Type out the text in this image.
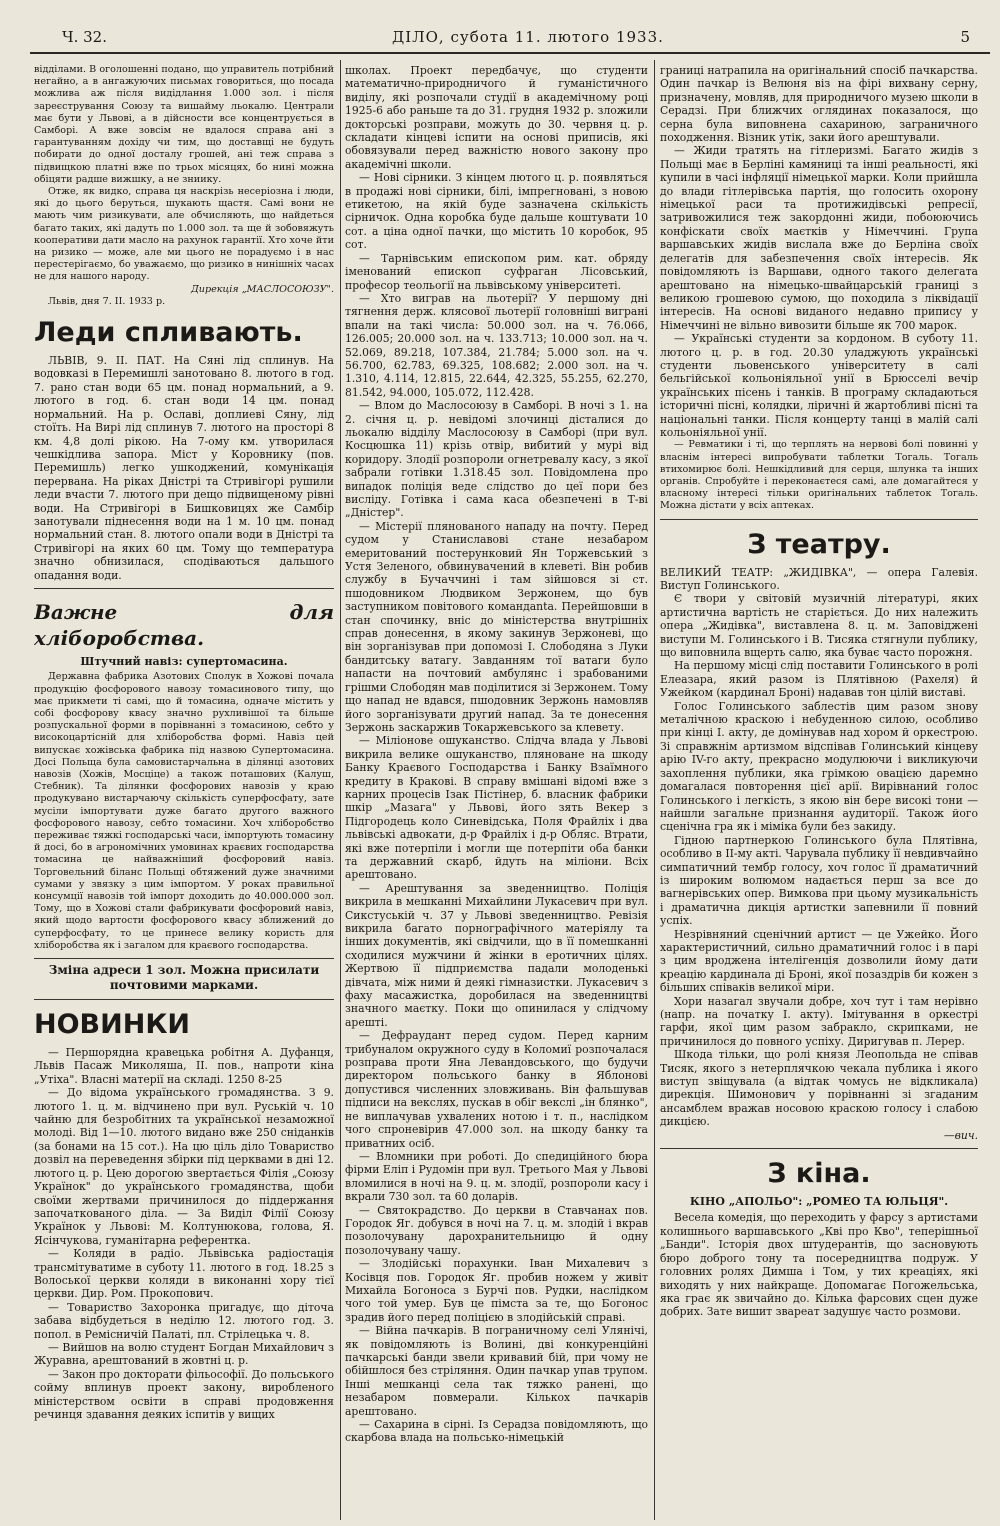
Ч. 32.	ДІЛО, субота 11. лютого 1933.	5

відділами. В оголошенні подано, що управитель потрібний негайно, а в ангажуючих письмах говориться, що посада можлива аж після видідлання 1.000 зол. і після зареєстрування Союзу та вишайму льокалю. Централи має бути у Львові, а в дійсности все концентрується в Самборі. А вже зовсім не вдалося справа ані з гарантуванням дохіду чи тим, що доставщі не будуть побирати до одної досталу грошей, ані теж справа з підвищкою платні вже по трьох місяцях, бо нині можна обіцяти радше вижшку, а не зниику.

Отже, як видко, справа ця наскрізь несеріозна і люди, які до цього беруться, шукають щастя. Самі вони не мають чим ризикувати, але обчисляють, що найдеться багато таких, які дадуть по 1.000 зол. та ще й зобовяжуть кооперативи дати масло на рахунок гарантії. Хто хоче йти на ризико — може, але ми цього не порадуємо і в нас перестерігаємо, бо уважаємо, що ризико в нинішніх часах не для нашого народу.

Дирекція „МАСЛОСОЮЗУ".

Львів, дня 7. ІІ. 1933 р.

Леди спливають.

ЛЬВІВ, 9. ІІ. ПАТ. На Сяні лід сплинув. На водовказі в Перемишлі занотовано 8. лютого в год. 7. рано стан води 65 цм. понад нормальний, а 9. лютого в год. 6. стан води 14 цм. понад нормальний. На р. Ославі, доплиеві Сяну, лід стоїть. На Вирі лід сплинув 7. лютого на просторі 8 км. 4,8 долі рікою. На 7-ому км. утворилася чешкідлива запора. Міст у Коровнику (пов. Перемишль) легко ушкоджений, комунікація перервана. На ріках Дністрі та Стривігорі рушили леди вчасти 7. лютого при дещо підвищеному рівні води. На Стривігорі в Бишковицях же Самбір занотували піднесення води на 1 м. 10 цм. понад нормальний стан. 8. лютого опали води в Дністрі та Стривігорі на яких 60 цм. Тому що температура значно обнизилася, сподіваються дальшого опадання води.

Важне для хліборобства.
Штучний навіз: супертомасина.

Державна фабрика Азотових Сполук в Хожові почала продукцію фосфорового навозу томасинового типу, що має прикмети ті самі, що й томасина, одначе містить у собі фосфорову квасу значно рухливішої та більше розпускальної форми в порівнанні з томасиною, себто у високоцартісній для хліборобства формі. Навіз цей випускає хожівська фабрика під назвою Супертомасина. Досі Польща була самовистарчальна в ділянці азотових навозів (Хожів, Мосціце) а також поташових (Калуш, Стебник). Та ділянки фосфорових навозів у краю продукувано вистарчаючу скількість суперфосфату, зате мусіли імпортувати дуже багато другого важного фосфорового навозу, себто томасини. Хоч хліборобство переживає тяжкі господарські часи, імпортують томасину й досі, бо в агрономічних умовинах краєвих господарства томасина це найважніший фосфоровий навіз. Торговельний біланс Польщі обтяжений дуже значними сумами у звязку з цим імпортом. У роках правильної консумції навозів той імпорт доходить до 40.000.000 зол. Тому, що в Хожові стали фабрикувати фосфоровий навіз, який щодо вартости фосфорового квасу зближений до суперфосфату, то це принесе велику користь для хліборобства як і загалом для краєвого господарства.

Зміна адреси 1 зол. Можна присилати почтовими марками.
НОВИНКИ

— Першорядна кравецька робітня А. Дуфанця, Львів Пасаж Миколяша, II. пов., напроти кіна „Утіха". Власні матерії на складі. 1250 8-25

— До відома українського громадянства. З 9. лютого 1. ц. м. відчинено при вул. Руській ч. 10 чайню для безробітних та української незаможної молоді. Від 1—10. лютого видано вже 250 сніданків (за бонами на 15 сот.). На цю ціль діло Товариство дозвіл на переведення збірки під церквами в дні 12. лютого ц. р. Цею дорогою звертається Філія „Союзу Українок" до українського громадянства, щоби своїми жертвами причинилося до піддержання започаткованого діла. — За Виділ Філії Союзу Українок у Львові: М. Колтунюкова, голова, Я. Ясінчукова, гуманітарна референтка.

— Коляди в радіо. Львівська радіостація трансмітуватиме в суботу 11. лютого в год. 18.25 з Волоської церкви коляди в виконанні хору тієї церкви. Дир. Ром. Прокопович.

— Товариство Захоронка пригадує, що діточа забава відбудеться в неділю 12. лютого год. 3. попол. в Ремісничій Палаті, пл. Стрілецька ч. 8.

— Вийшов на волю студент Богдан Михайлович з Журавна, арештований в жовтні ц. р.

— Закон про докторати фільософії. До польського сойму вплинув проект закону, виробленого міністерством освіти в справі продовження речинця здавання деяких іспитів у вищих

школах. Проект передбачує, що студенти математично-природничого й гуманістичного виділу, які розпочали студії в академічному році 1925-6 або раньше та до 31. грудня 1932 р. зложили докторські розправи, можуть до 30. червня ц. р. складати кінцеві іспити на основі приписів, які обовязували перед важністю нового закону про академічні школи.

— Нові сірники. З кінцем лютого ц. р. появляться в продажі нові сірники, білі, імпрегновані, з новою етикетою, на якій буде зазначена скількість сірничок. Одна коробка буде дальше коштувати 10 сот. а ціна одної пачки, що містить 10 коробок, 95 сот.

— Тарнівським епископом рим. кат. обряду іменований епископ суфраган Лісовський, професор теольогії на львівському університеті.

— Хто виграв на льотерії? У першому дні тягнення держ. клясової льотерії головніші виграні впали на такі числа: 50.000 зол. на ч. 76.066, 126.005; 20.000 зол. на ч. 133.713; 10.000 зол. на ч. 52.069, 89.218, 107.384, 21.784; 5.000 зол. на ч. 56.700, 62.783, 69.325, 108.682; 2.000 зол. на ч. 1.310, 4.114, 12.815, 22.644, 42.325, 55.255, 62.270, 81.542, 94.000, 105.072, 112.428.

— Влом до Маслосоюзу в Самборі. В ночі з 1. на 2. січня ц. р. невідомі злочинці дісталися до льокалю відділу Маслосоюзу в Самборі (при вул. Косцюшка 11) крізь отвір, вибитий у мурі від коридору. Злодії розпороли огнетревалу касу, з якої забрали готівки 1.318.45 зол. Повідомлена про випадок поліція веде слідство до цеї пори без висліду. Готівка і сама каса обезпечені в Т-ві „Дністер".

— Містерії плянованого нападу на почту. Перед судом у Станиславові стане незабаром емеритований постерунковий Ян Торжевський з Устя Зеленого, обвинувачений в клеветі. Він робив службу в Бучаччині і там зійшовся зі ст. пшодовником Людвиком Зержонем, що був заступником повітового командanta. Перейшовши в стан спочинку, вніс до міністерства внутрішніх справ донесення, в якому закинув Зержоневі, що він зорганізував при допомозі І. Слободяна з Луки бандитську ватагу. Завданням тої ватаги було напасти на почтовий амбулянс і зрабованими грішми Слободян мав поділитися зі Зержонем. Тому що напад не вдався, пшодовник Зержонь намовляв його зорганізувати другий напад. За те донесення Зержонь заскаржив Токаржевського за клевету.

— Міліонове ошуканство. Слідча влада у Львові викрила велике ошуканство, пляноване на шкоду Банку Краєвого Господарства і Банку Взаїмного кредиту в Кракові. В справу вмішані відомі вже з карних процесів Ізак Пістінер, б. власник фабрики шкір „Мазага" у Львові, його зять Векер з Підгородець коло Синевідська, Поля Фрайліх і два львівські адвокати, д-р Фрайліх і д-р Обляс. Втрати, які вже потерпіли і могли ще потерпіти оба банки та державний скарб, йдуть на міліони. Всіх арештовано.

— Арештування за зведенництво. Поліція викрила в мешканні Михайлини Лукасевич при вул. Сикстуській ч. 37 у Львові зведенництво. Ревізія викрила багато порнографічного матеріялу та інших документів, які свідчили, що в її помешканні сходилися мужчини й жінки в еротичних цілях. Жертвою її підприємства падали молоденькі дівчата, між ними й деякі гімназистки. Лукасевич з фаху масажистка, доробилася на зведенництві значного маєтку. Поки що опинилася у слідчому арешті.

— Дефраудант перед судом. Перед карним трибуналом окружного суду в Коломиї розпочалася розправа проти Яна Левандовського, що будучи директором польського банку в Яблонові допустився численних зловживань. Він фальшував підписи на векслях, пускав в обіг векслі „ін блянко", не виплачував ухвалених нотою і т. п., наслідком чого спроневірив 47.000 зол. на шкоду банку та приватних осіб.

— Вломники при роботі. До спедиційного бюра фірми Еліп і Рудомін при вул. Третього Мая у Львові вломилися в ночі на 9. ц. м. злодії, розпороли касу і вкрали 730 зол. та 60 доларів.

— Святокрадство. До церкви в Ставчанах пов. Городок Яг. добувся в ночі на 7. ц. м. злодій і вкрав позолочувану дарохранительницю й одну позолочувану чашу.

— Злодійські порахунки. Іван Михалевич з Косівця пов. Городок Яг. пробив ножем у живіт Михайла Богоноса з Бурчі пов. Рудки, наслідком чого той умер. Був це пімста за те, що Богонос зрадив його перед поліцією в злодійській справі.

— Війна пачкарів. В пограничному селі Улянічі, як повідомляють із Волині, дві конкуренційні пачкарські банди звели кривавий бій, при чому не обійшлося без стріляння. Один пачкар упав трупом. Інші мешканці села так тяжко ранені, що незабаром повмерали. Кількох пачкарів арештовано.

— Сахарина в сірні. Із Серадза повідомляють, що скарбова влада на польсько-німецькій

границі натрапила на оригінальний спосіб пачкарства. Один пачкар із Велюня віз на фірі вихвану серну, призначену, мовляв, для природничого музею школи в Серадзі. При ближчих оглядинах показалося, що серна була виповнена сахариною, заграничного походження. Візник утік, заки його арештували.

— Жиди тратять на гітлеризмі. Багато жидів з Польщі має в Берліні камяниці та інші реальності, які купили в часі інфляції німецької марки. Коли прийшла до влади гітлерівська партія, що голосить охорону німецької раси та протижидівські репресії, затривожилися теж закордонні жиди, побоюючись конфіскати своїх маєтків у Німеччині. Група варшавських жидів вислала вже до Берліна своїх делегатів для забезпечення своїх інтересів. Як повідомляють із Варшави, одного такого делегата арештовано на німецько-швайцарській границі з великою грошевою сумою, що походила з ліквідації інтересів. На основі виданого недавно припису у Німеччині не вільно вивозити більше як 700 марок.

— Українські студенти за кордоном. В суботу 11. лютого ц. р. в год. 20.30 уладжують українські студенти льовенського університету в салі бельгійської кольоніяльної унії в Брюсселі вечір українських пісень і танків. В програму складаються історичні пісні, колядки, ліричні й жартобливі пісні та національні танки. Після концерту танці в малій салі кольоніяльної унії.

— Ревматики і ті, що терплять на нервові болі повинні у власнім інтересі випробувати таблетки Тогаль. Тогаль втихомирює болі. Нешкідливий для серця, шлунка та інших органів. Спробуйте і переконаєтеся самі, але домагайтеся у власному інтересі тільки оригінальних таблеток Тогаль. Можна дістати у всіх аптеках.

З театру.

ВЕЛИКИЙ ТЕАТР: „ЖИДІВКА", — опера Галевія. Виступ Голинського.

Є твори у світовій музичній літературі, яких артистична вартість не старіється. До них належить опера „Жидівка", виставлена 8. ц. м. Заповіджені виступи М. Голинського і В. Тисяка стягнули публику, що виповнила вщерть салю, яка буває часто порожня.

На першому місці слід поставити Голинського в ролі Елеазара, який разом із Плятівною (Рахеля) й Ужейком (кардинал Броні) надавав тон цілій виставі.

Голос Голинського заблестів цим разом знову металічною краскою і небуденною силою, особливо при кінці І. акту, де домінував над хором й оркестрою. Зі справжнім артизмом відспівав Голинський кінцеву арію IV-го акту, прекрасно модулюючи і викликуючи захоплення публики, яка грімкою овацією даремно домагалася повторення цієї арії. Вирівнаний голос Голинського і легкість, з якою він бере високі тони — найшли загальне признання аудиторії. Також його сценічна гра як і міміка були без закиду.

Гідною партнеркою Голинського була Плятівна, особливо в II-му акті. Чарувала публику її невдивчайно симпатичний тембр голосу, хоч голос її драматичний із широким волюмом надається перш за все до вагнерівських опер. Вимкова при цьому музикальність і драматична дикція артистки запевнили її повний успіх.

Незрівняний сценічний артист — це Ужейко. Його характеристичний, сильно драматичний голос і в парі з цим вроджена інтелігенція дозволили йому дати креацію кардинала ді Броні, якої позаздрів би кожен з більших співаків великої міри.

Хори назагал звучали добре, хоч тут і там нерівно (напр. на початку І. акту). Імітування в оркестрі гарфи, якої цим разом забракло, скрипками, не причинилося до повного успіху. Диригував п. Лерер.

Шкода тільки, що ролі князя Леопольда не співав Тисяк, якого з нетерплячкою чекала публика і якого виступ звіщувала (а відтак чомусь не відкликала) дирекція. Шимонович у порівнанні зі згаданим ансамблем вражав носовою краскою голосу і слабою дикцією.

—вич.

З кіна.
КІНО „АПОЛЬО": „РОМЕО ТА ЮЛЬЦЯ".

Весела комедія, що переходить у фарсу з артистами колишнього варшавського „Кві про Кво", теперішньої „Банди". Історія двох штудерантів, що засновують бюро доброго тону та посередництва подруж. У головних ролях Димша і Том, у тих креаціях, які виходять у них найкраще. Допомагає Погожельська, яка грає як звичайно до. Кілька фарсових сцен дуже добрих. Зате вишит звареат задушує часто розмови.
